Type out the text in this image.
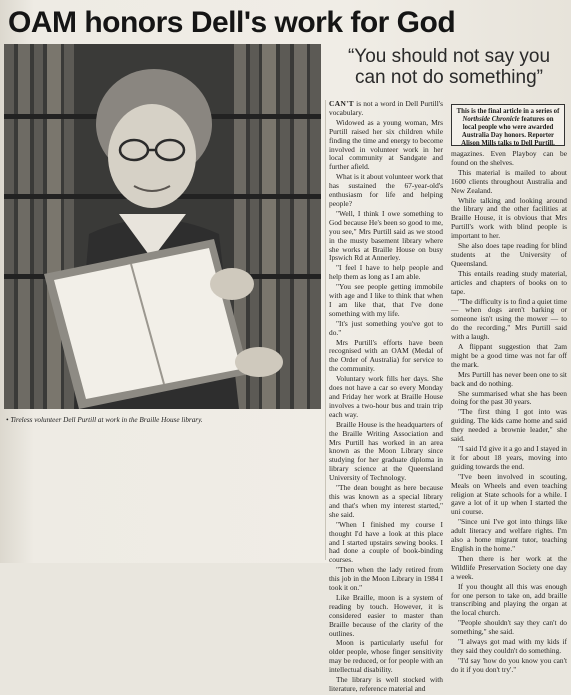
OAM honors Dell's work for God
• Tireless volunteer Dell Purtill at work in the Braille House library.
“You should not say you can not do something”

CAN'T is not a word in Dell Purtill's vocabulary.

Widowed as a young woman, Mrs Purtill raised her six children while finding the time and energy to become involved in volunteer work in her local community at Sandgate and further afield.

What is it about volunteer work that has sustained the 67-year-old's enthusiasm for life and helping people?

"Well, I think I owe something to God because He's been so good to me, you see," Mrs Purtill said as we stood in the musty basement library where she works at Braille House on busy Ipswich Rd at Annerley.

"I feel I have to help people and help them as long as I am able.

"You see people getting immobile with age and I like to think that when I am like that, that I've done something with my life.

"It's just something you've got to do."

Mrs Purtill's efforts have been recognised with an OAM (Medal of the Order of Australia) for service to the community.

Voluntary work fills her days. She does not have a car so every Monday and Friday her work at Braille House involves a two-hour bus and train trip each way.

Braille House is the headquarters of the Braille Writing Association and Mrs Purtill has worked in an area known as the Moon Library since studying for her graduate diploma in library science at the Queensland University of Technology.

"The dean bought as here because this was known as a special library and that's when my interest started," she said.

"When I finished my course I thought I'd have a look at this place and I started upstairs sewing books. I had done a couple of book-binding courses.

"Then when the lady retired from this job in the Moon Library in 1984 I took it on."

Like Braille, moon is a system of reading by touch. However, it is considered easier to master than Braille because of the clarity of the outlines.

Moon is particularly useful for older people, whose finger sensitivity may be reduced, or for people with an intellectual disability.

The library is well stocked with literature, reference material and

This is the final article in a series of Northside Chronicle features on local people who were awarded Australia Day honors. Reporter Alison Mills talks to Dell Purtill.

magazines. Even Playboy can be found on the shelves.

This material is mailed to about 1600 clients throughout Australia and New Zealand.

While talking and looking around the library and the other facilities at Braille House, it is obvious that Mrs Purtill's work with blind people is important to her.

She also does tape reading for blind students at the University of Queensland.

This entails reading study material, articles and chapters of books on to tape.

"The difficulty is to find a quiet time — when dogs aren't barking or someone isn't using the mower — to do the recording," Mrs Purtill said with a laugh.

A flippant suggestion that 2am might be a good time was not far off the mark.

Mrs Purtill has never been one to sit back and do nothing.

She summarised what she has been doing for the past 30 years.

"The first thing I got into was guiding. The kids came home and said they needed a brownie leader," she said.

"I said I'd give it a go and I stayed in it for about 18 years, moving into guiding towards the end.

"I've been involved in scouting, Meals on Wheels and even teaching religion at State schools for a while. I gave a lot of it up when I started the uni course.

"Since uni I've got into things like adult literacy and welfare rights. I'm also a home migrant tutor, teaching English in the home."

Then there is her work at the Wildlife Preservation Society one day a week.

If you thought all this was enough for one person to take on, add braille transcribing and playing the organ at the local church.

"People shouldn't say they can't do something," she said.

"I always got mad with my kids if they said they couldn't do something.

"I'd say 'how do you know you can't do it if you don't try'."
